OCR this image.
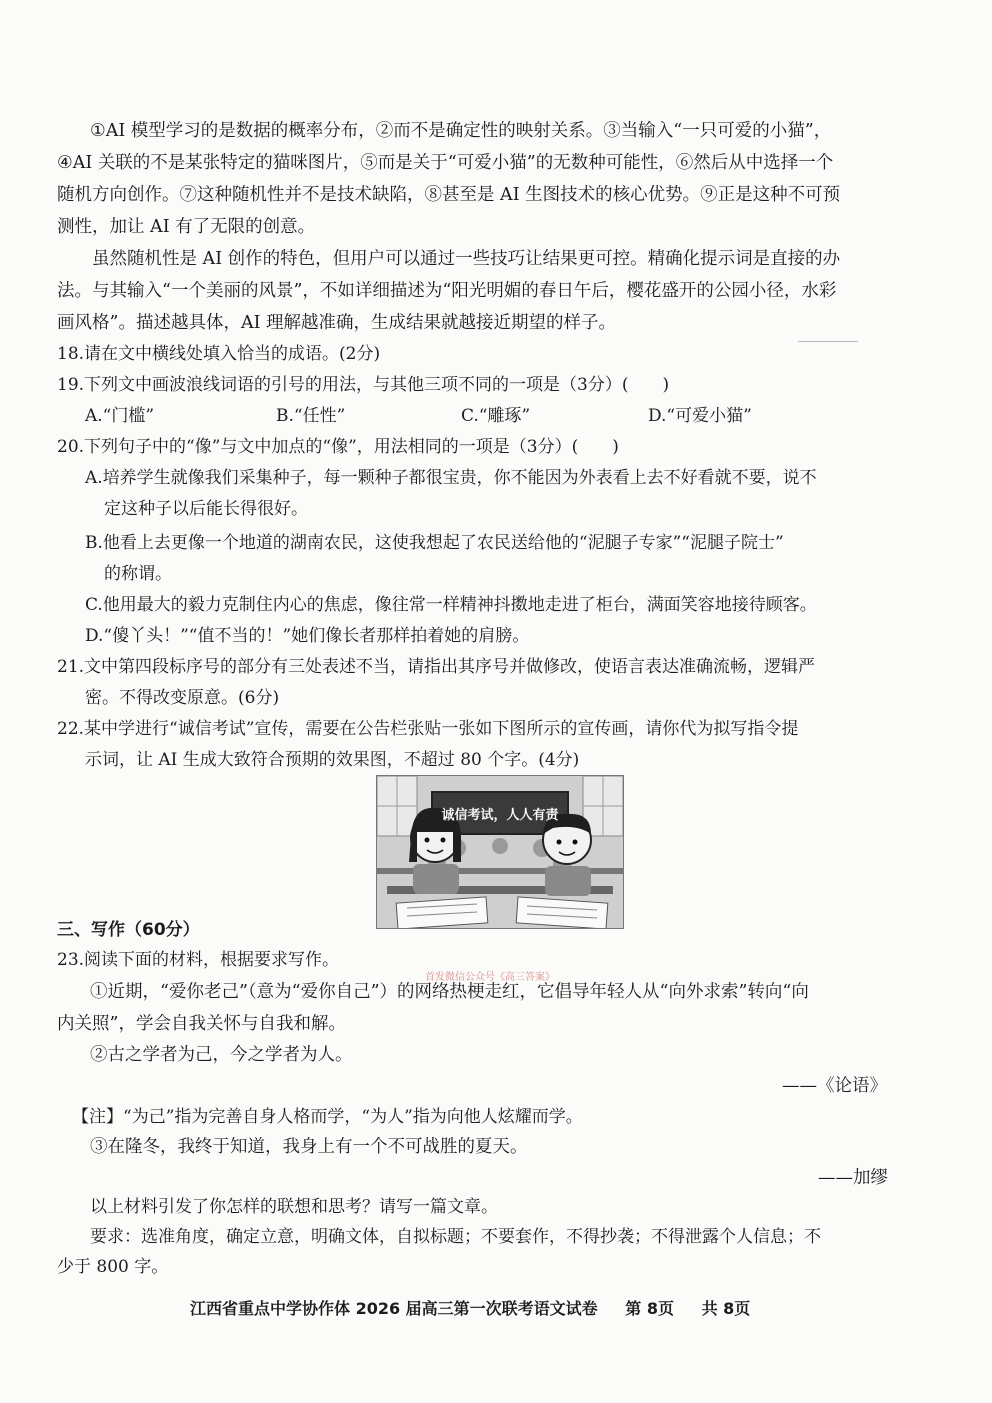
①AI 模型学习的是数据的概率分布，②而不是确定性的映射关系。③当输入“一只可爱的小猫”，
④AI 关联的不是某张特定的猫咪图片，⑤而是关于“可爱小猫”的无数种可能性，⑥然后从中选择一个
随机方向创作。⑦这种随机性并不是技术缺陷，⑧甚至是 AI 生图技术的核心优势。⑨正是这种不可预
测性，加让 AI 有了无限的创意。
虽然随机性是 AI 创作的特色，但用户可以通过一些技巧让结果更可控。精确化提示词是直接的办
法。与其输入“一个美丽的风景”，不如详细描述为“阳光明媚的春日午后，樱花盛开的公园小径，水彩
画风格”。描述越具体，AI 理解越准确，生成结果就越接近期望的样子。
18.请在文中横线处填入恰当的成语。(2分)
19.下列文中画波浪线词语的引号的用法，与其他三项不同的一项是（3分）(　　)
A.“门槛”	B.“任性”	C.“雕琢”	D.“可爱小猫”
20.下列句子中的“像”与文中加点的“像”，用法相同的一项是（3分）(　　)
A.培养学生就像我们采集种子，每一颗种子都很宝贵，你不能因为外表看上去不好看就不要，说不
定这种子以后能长得很好。
B.他看上去更像一个地道的湖南农民，这使我想起了农民送给他的“泥腿子专家”“泥腿子院士”
的称谓。
C.他用最大的毅力克制住内心的焦虑，像往常一样精神抖擞地走进了柜台，满面笑容地接待顾客。
D.“傻丫头！”“值不当的！”她们像长者那样拍着她的肩膀。
21.文中第四段标序号的部分有三处表述不当，请指出其序号并做修改，使语言表达准确流畅，逻辑严
密。不得改变原意。(6分)
22.某中学进行“诚信考试”宣传，需要在公告栏张贴一张如下图所示的宣传画，请你代为拟写指令提
示词，让 AI 生成大致符合预期的效果图，不超过 80 个字。(4分)
诚信考试，人人有责
三、写作（60分）
23.阅读下面的材料，根据要求写作。
首发微信公众号《高三答案》
①近期，“爱你老己”（意为“爱你自己”）的网络热梗走红，它倡导年轻人从“向外求索”转向“向
内关照”，学会自我关怀与自我和解。
②古之学者为己，今之学者为人。
——《论语》
【注】“为己”指为完善自身人格而学，“为人”指为向他人炫耀而学。
③在隆冬，我终于知道，我身上有一个不可战胜的夏天。
——加缪
以上材料引发了你怎样的联想和思考？请写一篇文章。
要求：选准角度，确定立意，明确文体，自拟标题；不要套作，不得抄袭；不得泄露个人信息；不
少于 800 字。
江西省重点中学协作体 2026 届高三第一次联考语文试卷 第 8页 共 8页
